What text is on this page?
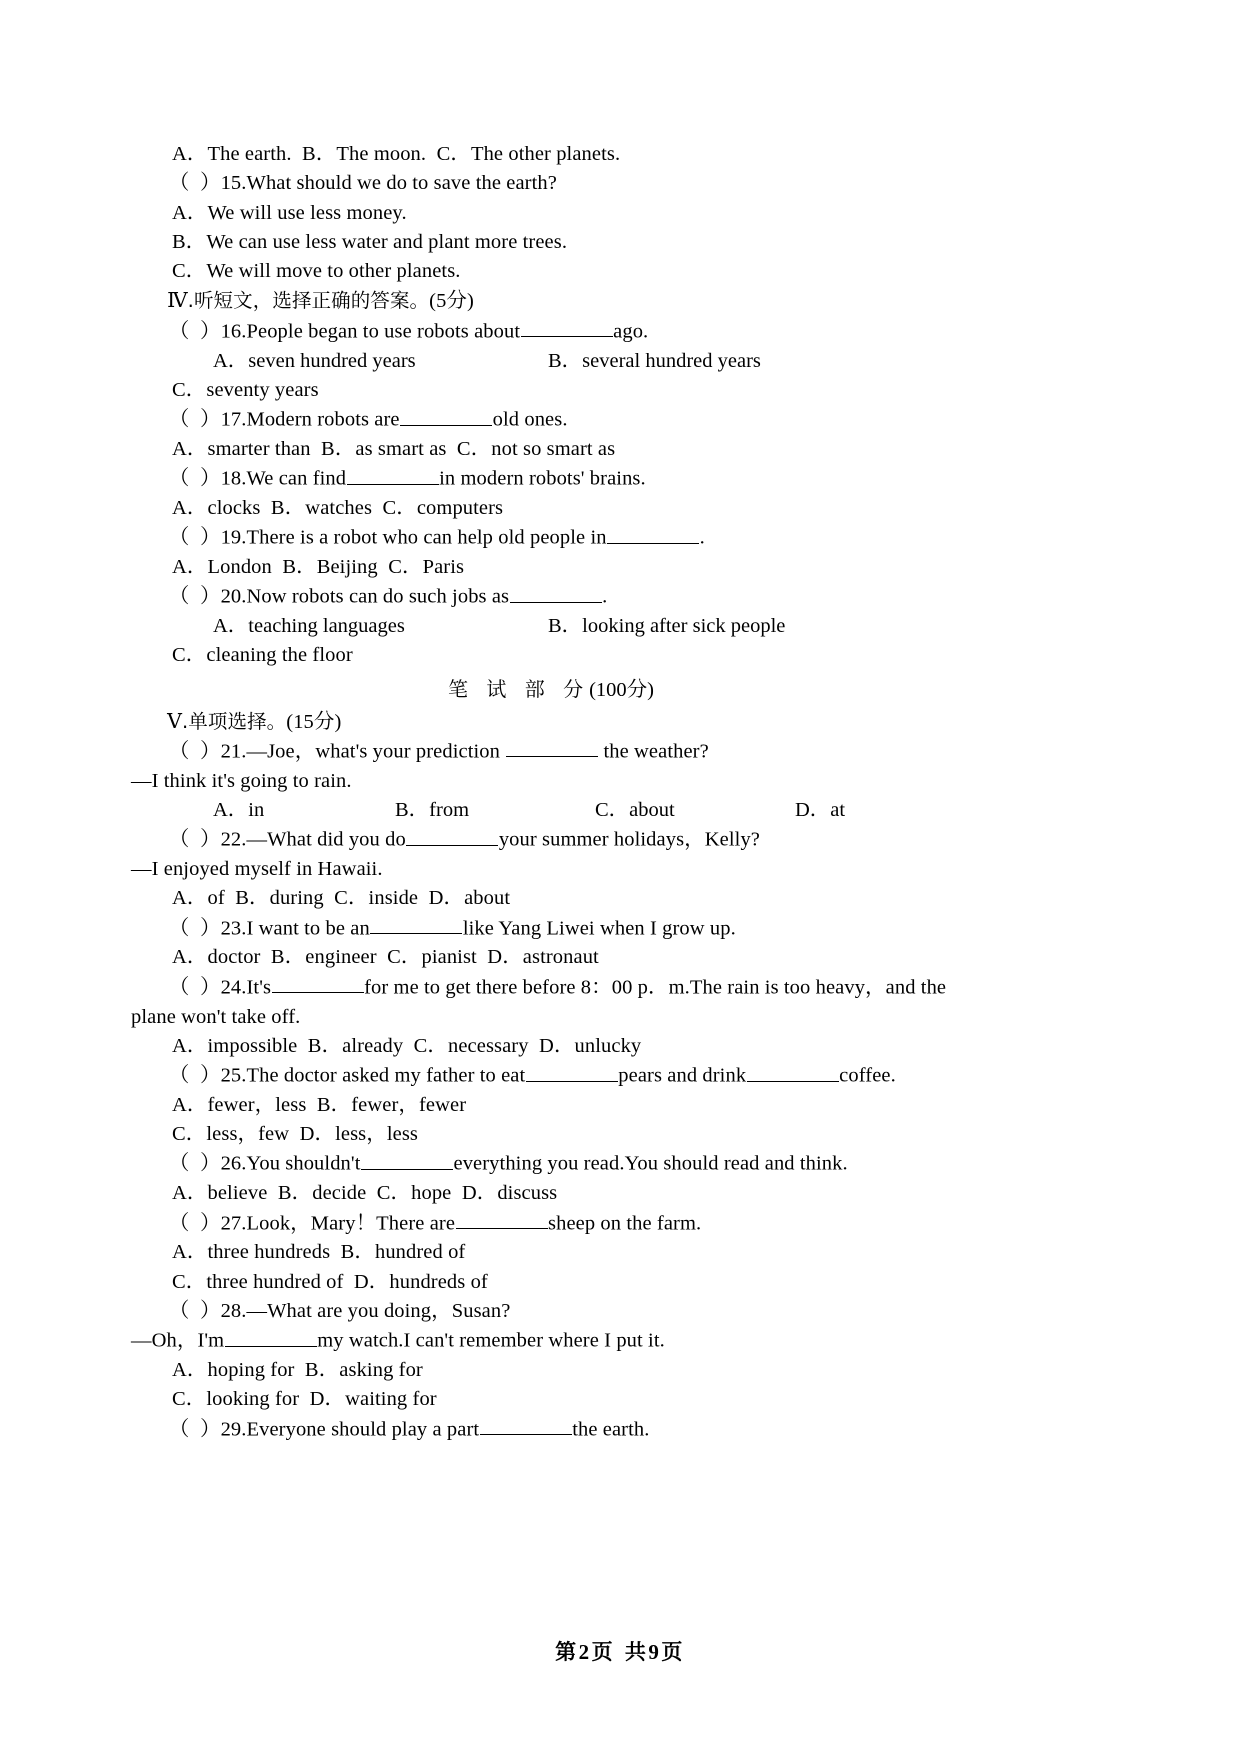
A．The earth.  B．The moon.  C．The other planets.
（  ）15.What should we do to save the earth?
A．We will use less money.
B．We can use less water and plant more trees.
C．We will move to other planets.
Ⅳ.听短文，选择正确的答案。(5分)
（  ）16.People began to use robots about	ago.
A．seven hundred years	B．several hundred years
C．seventy years
（  ）17.Modern robots are	old ones.
A．smarter than  B．as smart as  C．not so smart as
（  ）18.We can find	in modern robots' brains.
A．clocks  B．watches  C．computers
（  ）19.There is a robot who can help old people in	.
A．London  B．Beijing  C．Paris
（  ）20.Now robots can do such jobs as	.
A．teaching languages	B．looking after sick people
C．cleaning the floor
笔 试 部 分(100分)
Ⅴ.单项选择。(15分)
（  ）21.—Joe，what's your prediction	the weather?
—I think it's going to rain.
A．in	B．from	C．about	D．at
（  ）22.—What did you do	your summer holidays，Kelly?
—I enjoyed myself in Hawaii.
A．of  B．during  C．inside  D．about
（  ）23.I want to be an	like Yang Liwei when I grow up.
A．doctor  B．engineer  C．pianist  D．astronaut
（  ）24.It's	for me to get there before 8：00 p．m.The rain is too heavy，and the
plane won't take off.
A．impossible  B．already  C．necessary  D．unlucky
（  ）25.The doctor asked my father to eat	pears and drink	coffee.
A．fewer，less  B．fewer，fewer
C．less，few  D．less，less
（  ）26.You shouldn't	everything you read.You should read and think.
A．believe  B．decide  C．hope  D．discuss
（  ）27.Look，Mary！There are	sheep on the farm.
A．three hundreds  B．hundred of
C．three hundred of  D．hundreds of
（  ）28.—What are you doing，Susan?
—Oh，I'm	my watch.I can't remember where I put it.
A．hoping for  B．asking for
C．looking for  D．waiting for
（  ）29.Everyone should play a part	the earth.
第2页 共9页
